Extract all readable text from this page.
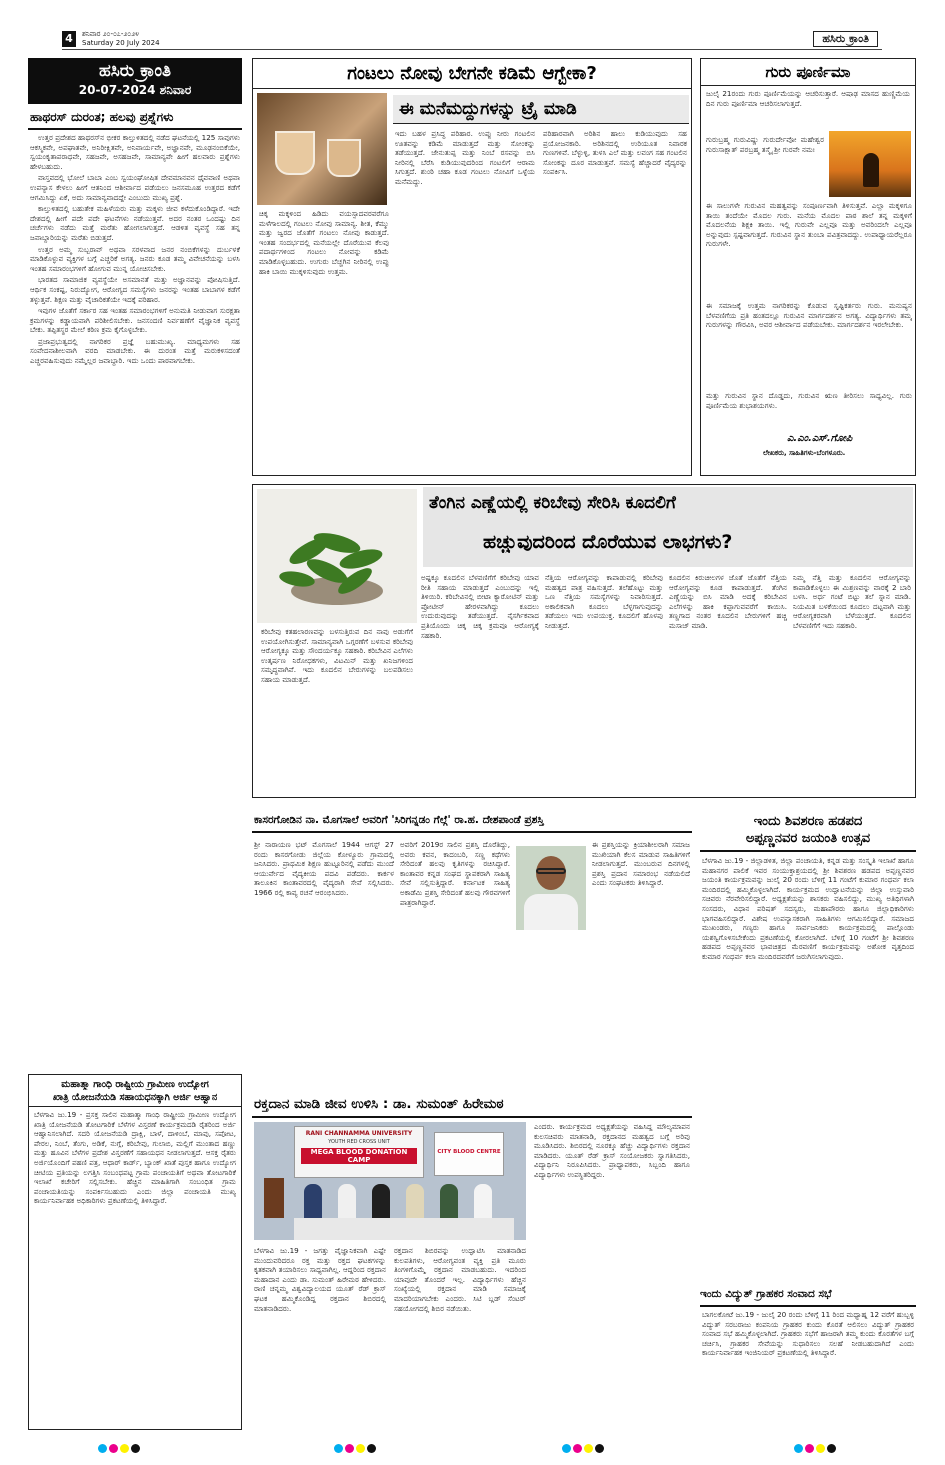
4	ಶನಿವಾರ ೨೦-೦೭-೨೦೨೪
Saturday 20 July 2024	ಹಸಿರು ಕ್ರಾಂತಿ
ಹಸಿರು ಕ್ರಾಂತಿ
20-07-2024 ಶನಿವಾರ
ಹಾಥರಸ್ ದುರಂತ; ಹಲವು ಪ್ರಶ್ನೆಗಳು

ಉತ್ತರ ಪ್ರದೇಶದ ಹಾಥರಸ್‌ನ ಭೀಕರ ಕಾಲ್ತುಳಿತದಲ್ಲಿ ನಡೆದ ಘಟನೆಯಲ್ಲಿ 125 ಸಾವುಗಳು ಆಕಸ್ಮಿಕವೇ, ಅಪಘಾತವೇ, ಅನಿರೀಕ್ಷಿತವೇ, ಅನಿವಾರ್ಯವೇ, ಅಜ್ಞಾನವೇ, ಮೂಢನಂಬಿಕೆಯೇ, ಸ್ವಯಂಕೃತಾಪರಾಧವೇ, ಸಹಜವೇ, ಅಸಹಜವೇ, ಸಾಮಾನ್ಯವೇ ಹೀಗೆ ಹಲವಾರು ಪ್ರಶ್ನೆಗಳು ಹೇಳಬಹುದು.

ವಾಸ್ತವದಲ್ಲಿ ಭೋಲೆ ಬಾಬಾ ಎಂಬ ಸ್ವಯಂಘೋಷಿತ ದೇವಮಾನವನ ಧೈವವಾಣಿ ಅಥವಾ ಉಪನ್ಯಾಸ ಕೇಳಲು ಹೀಗೆ ಆತನಿಂದ ಆಶೀರ್ವಾದ ಪಡೆಯಲು ಜನಸಮೂಹ ಉತ್ತರದ ಕಡೆಗೆ ಆಗಮಿಸಿದ್ದು ಏಕೆ, ಅದು ಸಾಮಾನ್ಯವಾದದ್ದೇ ಎಂಬುದು ಮುಖ್ಯ ಪ್ರಶ್ನೆ.

ಕಾಲ್ತುಳಿತದಲ್ಲಿ ಬಹುತೇಕ ಮಹಿಳೆಯರು ಮತ್ತು ಮಕ್ಕಳು ಜೀವ ಕಳೆದುಕೊಂಡಿದ್ದಾರೆ. ಇದೇ ದೇಶದಲ್ಲಿ ಹೀಗೆ ಪದೇ ಪದೇ ಘಟನೆಗಳು ನಡೆಯುತ್ತವೆ. ಅದರ ನಂತರ ಒಂದಷ್ಟು ದಿನ ಚರ್ಚೆಗಳು ನಡೆದು ಮತ್ತೆ ಮರೆತು ಹೋಗಲಾಗುತ್ತದೆ. ಆಡಳಿತ ವ್ಯವಸ್ಥೆ ಸಹ ತನ್ನ ಜವಾಬ್ದಾರಿಯನ್ನು ಮರೆತು ಬಿಡುತ್ತದೆ.

ಉತ್ತರ ಅಮ್ಮ ಸುಬ್ಬರಾವ್ ಅಥವಾ ಸರಳವಾದ ಜನರ ನಂಬಿಕೆಗಳನ್ನು ದುರ್ಬಳಕೆ ಮಾಡಿಕೊಳ್ಳುವ ವ್ಯಕ್ತಿಗಳ ಬಗ್ಗೆ ಎಚ್ಚರಿಕೆ ಅಗತ್ಯ. ಜನರು ಕೂಡ ತಮ್ಮ ವಿವೇಚನೆಯನ್ನು ಬಳಸಿ ಇಂತಹ ಸಮಾರಂಭಗಳಿಗೆ ಹೋಗುವ ಮುನ್ನ ಯೋಚಿಸಬೇಕು.

ಭಾರತದ ಸಾಮಾಜಿಕ ವ್ಯವಸ್ಥೆಯೇ ಅಸಮಾನತೆ ಮತ್ತು ಅಜ್ಞಾನವನ್ನು ಪೋಷಿಸುತ್ತಿದೆ. ಆರ್ಥಿಕ ಸಂಕಷ್ಟ, ನಿರುದ್ಯೋಗ, ಆರೋಗ್ಯದ ಸಮಸ್ಯೆಗಳು ಜನರನ್ನು ಇಂತಹ ಬಾಬಾಗಳ ಕಡೆಗೆ ತಳ್ಳುತ್ತವೆ. ಶಿಕ್ಷಣ ಮತ್ತು ವೈಚಾರಿಕತೆಯೇ ಇದಕ್ಕೆ ಪರಿಹಾರ.

ಇವುಗಳ ಜೊತೆಗೆ ಸರ್ಕಾರ ಸಹ ಇಂತಹ ಸಮಾರಂಭಗಳಿಗೆ ಅನುಮತಿ ನೀಡುವಾಗ ಸುರಕ್ಷತಾ ಕ್ರಮಗಳನ್ನು ಕಡ್ಡಾಯವಾಗಿ ಪರಿಶೀಲಿಸಬೇಕು. ಜನಸಂದಣಿ ನಿರ್ವಹಣೆಗೆ ವೈಜ್ಞಾನಿಕ ವ್ಯವಸ್ಥೆ ಬೇಕು. ತಪ್ಪಿತಸ್ಥರ ಮೇಲೆ ಕಠಿಣ ಕ್ರಮ ಕೈಗೊಳ್ಳಬೇಕು.

ಪ್ರಜಾಪ್ರಭುತ್ವದಲ್ಲಿ ನಾಗರಿಕರ ಪ್ರಜ್ಞೆ ಬಹುಮುಖ್ಯ. ಮಾಧ್ಯಮಗಳು ಸಹ ಸಂವೇದನಾಶೀಲವಾಗಿ ವರದಿ ಮಾಡಬೇಕು. ಈ ದುರಂತ ಮತ್ತೆ ಮರುಕಳಿಸದಂತೆ ಎಚ್ಚರವಹಿಸುವುದು ನಮ್ಮೆಲ್ಲರ ಜವಾಬ್ದಾರಿ. ಇದು ಒಂದು ಪಾಠವಾಗಬೇಕು.

ಗಂಟಲು ನೋವು ಬೇಗನೇ ಕಡಿಮೆ ಆಗ್ಬೇಕಾ?
ಈ ಮನೆಮದ್ದುಗಳನ್ನು ಟ್ರೈ ಮಾಡಿ
ಚಿಕ್ಕ ಮಕ್ಕಳಿಂದ ಹಿಡಿದು ವಯಸ್ಸಾದವರವರೆಗೂ ಮಳೆಗಾಲದಲ್ಲಿ ಗಂಟಲು ನೋವು ಸಾಮಾನ್ಯ. ಶೀತ, ಕೆಮ್ಮು ಮತ್ತು ಜ್ವರದ ಜೊತೆಗೆ ಗಂಟಲು ನೋವು ಕಾಡುತ್ತದೆ. ಇಂತಹ ಸಂದರ್ಭದಲ್ಲಿ ಮನೆಯಲ್ಲೇ ದೊರೆಯುವ ಕೆಲವು ಪದಾರ್ಥಗಳಿಂದ ಗಂಟಲು ನೋವನ್ನು ಕಡಿಮೆ ಮಾಡಿಕೊಳ್ಳಬಹುದು. ಉಗುರು ಬೆಚ್ಚಗಿನ ನೀರಿನಲ್ಲಿ ಉಪ್ಪು ಹಾಕಿ ಬಾಯಿ ಮುಕ್ಕಳಿಸುವುದು ಉತ್ತಮ.
ಇದು ಬಹಳ ಪ್ರಸಿದ್ಧ ಪರಿಹಾರ. ಉಪ್ಪು ನೀರು ಗಂಟಲಿನ ಊತವನ್ನು ಕಡಿಮೆ ಮಾಡುತ್ತದೆ ಮತ್ತು ಸೋಂಕನ್ನು ತಡೆಯುತ್ತದೆ. ಜೇನುತುಪ್ಪ ಮತ್ತು ನಿಂಬೆ ರಸವನ್ನು ಬಿಸಿ ನೀರಿನಲ್ಲಿ ಬೆರೆಸಿ ಕುಡಿಯುವುದರಿಂದ ಗಂಟಲಿಗೆ ಆರಾಮ ಸಿಗುತ್ತದೆ. ಶುಂಠಿ ಚಹಾ ಕೂಡ ಗಂಟಲು ನೋವಿಗೆ ಒಳ್ಳೆಯ ಮನೆಮದ್ದು.
ಪರಿಹಾರವಾಗಿ ಅರಿಶಿನ ಹಾಲು ಕುಡಿಯುವುದು ಸಹ ಪ್ರಯೋಜನಕಾರಿ. ಅರಿಶಿನದಲ್ಲಿ ಉರಿಯೂತ ನಿವಾರಕ ಗುಣಗಳಿವೆ. ಬೆಳ್ಳುಳ್ಳಿ, ತುಳಸಿ ಎಲೆ ಮತ್ತು ಲವಂಗ ಸಹ ಗಂಟಲಿನ ಸೋಂಕನ್ನು ದೂರ ಮಾಡುತ್ತವೆ. ಸಮಸ್ಯೆ ಹೆಚ್ಚಾದರೆ ವೈದ್ಯರನ್ನು ಸಂಪರ್ಕಿಸಿ.
ಗುರು ಪೂರ್ಣಿಮಾ
ಜುಲೈ 21ರಂದು ಗುರು ಪೂರ್ಣಿಮೆಯನ್ನು ಆಚರಿಸುತ್ತಾರೆ. ಆಷಾಢ ಮಾಸದ ಹುಣ್ಣಿಮೆಯ ದಿನ ಗುರು ಪೂರ್ಣಿಮಾ ಆಚರಿಸಲಾಗುತ್ತದೆ.
ಗುರುಬ್ರಹ್ಮ ಗುರುವಿಷ್ಣು ಗುರುರ್ದೇವೋ ಮಹೇಶ್ವರ ಗುರುಸಾಕ್ಷಾತ್ ಪರಬ್ರಹ್ಮ ತಸ್ಮೈ ಶ್ರೀ ಗುರವೇ ನಮಃ
ಈ ಸಾಲುಗಳೇ ಗುರುವಿನ ಮಹತ್ವವನ್ನು ಸಂಪೂರ್ಣವಾಗಿ ತಿಳಿಸುತ್ತವೆ. ಎಲ್ಲಾ ಮಕ್ಕಳಿಗೂ ತಾಯಿ ತಂದೆಯೇ ಮೊದಲ ಗುರು. ಮನೆಯ ಮೊದಲ ಪಾಠ ಶಾಲೆ ತನ್ನ ಮಕ್ಕಳಿಗೆ ಮೊದಲನೆಯ ಶಿಕ್ಷಕಿ ತಾಯಿ. ಇಲ್ಲಿ ಗುರುವೇ ಎಲ್ಲವೂ ಮತ್ತು ಅವರಿಂದಲೇ ಎಲ್ಲವೂ ಅನ್ನುವುದು ಸ್ಪಷ್ಟವಾಗುತ್ತದೆ. ಗುರುವಿನ ಸ್ಥಾನ ತುಂಬಾ ಪವಿತ್ರವಾದದ್ದು. ಉಪಾಧ್ಯಾಯರೆಲ್ಲರೂ ಗುರುಗಳೇ.
ಈ ಸಮಾಜಕ್ಕೆ ಉತ್ತಮ ನಾಗರಿಕರನ್ನು ಕೊಡುವ ಸೃಷ್ಟಿಕರ್ತರು ಗುರು. ಮನುಷ್ಯನ ಬೆಳವಣಿಗೆಯ ಪ್ರತಿ ಹಂತದಲ್ಲೂ ಗುರುವಿನ ಮಾರ್ಗದರ್ಶನ ಅಗತ್ಯ. ವಿದ್ಯಾರ್ಥಿಗಳು ತಮ್ಮ ಗುರುಗಳನ್ನು ಗೌರವಿಸಿ, ಅವರ ಆಶೀರ್ವಾದ ಪಡೆಯಬೇಕು. ಮಾರ್ಗದರ್ಶನ ಇರಲೇಬೇಕು.
ಮತ್ತು ಗುರುವಿನ ಸ್ಥಾನ ದೊಡ್ಡದು, ಗುರುವಿನ ಋಣ ತೀರಿಸಲು ಸಾಧ್ಯವಿಲ್ಲ. ಗುರು ಪೂರ್ಣಿಮೆಯ ಶುಭಾಶಯಗಳು.
ಎ.ಎಂ.ಎಸ್.ಗೋಪಿ
ಲೇಖಕರು, ಸಾಹಿತಿಗಳು-ಬೆಂಗಳೂರು.
ತೆಂಗಿನ ಎಣ್ಣೆಯಲ್ಲಿ ಕರಿಬೇವು ಸೇರಿಸಿ ಕೂದಲಿಗೆ
ಹಚ್ಚುವುದರಿಂದ ದೊರೆಯುವ ಲಾಭಗಳು?
ಕರಿಬೇವು ಕತಹಲಾರಣವನ್ನು ಬಳಸುತ್ತಿರುವ ದಿನ ನಾವು ಅಡುಗೆಗೆ ಉಪಯೋಗಿಸುತ್ತೇವೆ. ಸಾಮಾನ್ಯವಾಗಿ ಒಗ್ಗರಣೆಗೆ ಬಳಸುವ ಕರಿಬೇವು ಆರೋಗ್ಯಕ್ಕೂ ಮತ್ತು ಸೌಂದರ್ಯಕ್ಕೂ ಸಹಕಾರಿ. ಕರಿಬೇವಿನ ಎಲೆಗಳು ಉತ್ಕರ್ಷಣ ನಿರೋಧಕಗಳು, ವಿಟಮಿನ್ ಮತ್ತು ಖನಿಜಗಳಿಂದ ಸಮೃದ್ಧವಾಗಿವೆ. ಇದು ಕೂದಲಿನ ಬೇರುಗಳನ್ನು ಬಲಪಡಿಸಲು ಸಹಾಯ ಮಾಡುತ್ತದೆ.
ಅಷ್ಟಕ್ಕೂ ಕೂದಲಿನ ಬೆಳವಣಿಗೆಗೆ ಕರಿಬೇವು ಯಾವ ರೀತಿ ಸಹಾಯ ಮಾಡುತ್ತದೆ ಎಂಬುದನ್ನು ಇಲ್ಲಿ ತಿಳಿಯಿರಿ. ಕರಿಬೇವಿನಲ್ಲಿ ಬೀಟಾ ಕ್ಯಾರೋಟಿನ್ ಮತ್ತು ಪ್ರೋಟೀನ್ ಹೇರಳವಾಗಿದ್ದು ಕೂದಲು ಉದುರುವುದನ್ನು ತಡೆಯುತ್ತದೆ. ನೈಸರ್ಗಿಕವಾದ ಪ್ರತಿಯೊಂದು ಚಿಕ್ಕ ಚಿಕ್ಕ ಕ್ರಮವೂ ಆರೋಗ್ಯಕ್ಕೆ ಸಹಕಾರಿ.
ನೆತ್ತಿಯ ಆರೋಗ್ಯವನ್ನು ಕಾಪಾಡುವಲ್ಲಿ ಕರಿಬೇವು ಮಹತ್ವದ ಪಾತ್ರ ವಹಿಸುತ್ತದೆ. ತಲೆಹೊಟ್ಟು ಮತ್ತು ಒಣ ನೆತ್ತಿಯ ಸಮಸ್ಯೆಗಳನ್ನು ನಿವಾರಿಸುತ್ತದೆ. ಅಕಾಲಿಕವಾಗಿ ಕೂದಲು ಬೆಳ್ಳಗಾಗುವುದನ್ನು ತಡೆಯಲು ಇದು ಉಪಯುಕ್ತ. ಕೂದಲಿಗೆ ಹೊಳಪು ನೀಡುತ್ತದೆ.
ಕೂದಲಿನ ಕಿರುಚೀಲಗಳ ಜೊತೆ ಜೊತೆಗೆ ನೆತ್ತಿಯ ಆರೋಗ್ಯವನ್ನು ಕೂಡ ಕಾಪಾಡುತ್ತದೆ. ತೆಂಗಿನ ಎಣ್ಣೆಯನ್ನು ಬಿಸಿ ಮಾಡಿ ಅದಕ್ಕೆ ಕರಿಬೇವಿನ ಎಲೆಗಳನ್ನು ಹಾಕಿ ಕಪ್ಪಾಗುವವರೆಗೆ ಕಾಯಿಸಿ. ತಣ್ಣಗಾದ ನಂತರ ಕೂದಲಿನ ಬೇರುಗಳಿಗೆ ಹಚ್ಚಿ ಮಸಾಜ್ ಮಾಡಿ.
ನಿಮ್ಮ ನೆತ್ತಿ ಮತ್ತು ಕೂದಲಿನ ಆರೋಗ್ಯವನ್ನು ಕಾಪಾಡಿಕೊಳ್ಳಲು ಈ ಮಿಶ್ರಣವನ್ನು ವಾರಕ್ಕೆ 2 ಬಾರಿ ಬಳಸಿ. ಅರ್ಧ ಗಂಟೆ ಬಿಟ್ಟು ತಲೆ ಸ್ನಾನ ಮಾಡಿ. ನಿಯಮಿತ ಬಳಕೆಯಿಂದ ಕೂದಲು ದಟ್ಟವಾಗಿ ಮತ್ತು ಆರೋಗ್ಯಕರವಾಗಿ ಬೆಳೆಯುತ್ತದೆ. ಕೂದಲಿನ ಬೆಳವಣಿಗೆಗೆ ಇದು ಸಹಕಾರಿ.
ಕಾಸರಗೋಡಿನ ನಾ. ಮೊಗಸಾಲೆ ಅವರಿಗೆ 'ಸಿರಿಗನ್ನಡಂ ಗೆಲ್ಗೆ' ರಾ.ಹ. ದೇಶಪಾಂಡೆ ಪ್ರಶಸ್ತಿ
ಶ್ರೀ ನಾರಾಯಣ ಭಟ್ ಮೊಗಸಾಲೆ 1944 ಆಗಸ್ಟ್ 27 ರಂದು ಕಾಸರಗೋಡು ಜಿಲ್ಲೆಯ ಕೋಳ್ಯೂರು ಗ್ರಾಮದಲ್ಲಿ ಜನಿಸಿದರು. ಪ್ರಾಥಮಿಕ ಶಿಕ್ಷಣ ಹುಟ್ಟೂರಿನಲ್ಲಿ ಪಡೆದು ಮುಂದೆ ಆಯುರ್ವೇದ ವೈದ್ಯಕೀಯ ಪದವಿ ಪಡೆದರು. ಕಾರ್ಕಳ ತಾಲೂಕಿನ ಕಾಂತಾವರದಲ್ಲಿ ವೈದ್ಯರಾಗಿ ಸೇವೆ ಸಲ್ಲಿಸಿದರು. 1966 ರಲ್ಲಿ ಕಾವ್ಯ ರಚನೆ ಆರಂಭಿಸಿದರು.
ಅವರಿಗೆ 2019ರ ಸಾಲಿನ ಪ್ರಶಸ್ತಿ ದೊರೆತಿದ್ದು, ಅವರು ಕವನ, ಕಾದಂಬರಿ, ಸಣ್ಣ ಕಥೆಗಳು ಸೇರಿದಂತೆ ಹಲವು ಕೃತಿಗಳನ್ನು ರಚಿಸಿದ್ದಾರೆ. ಕಾಂತಾವರ ಕನ್ನಡ ಸಂಘದ ಸ್ಥಾಪಕರಾಗಿ ಸಾಹಿತ್ಯ ಸೇವೆ ಸಲ್ಲಿಸುತ್ತಿದ್ದಾರೆ. ಕರ್ನಾಟಕ ಸಾಹಿತ್ಯ ಅಕಾಡೆಮಿ ಪ್ರಶಸ್ತಿ ಸೇರಿದಂತೆ ಹಲವು ಗೌರವಗಳಿಗೆ ಪಾತ್ರರಾಗಿದ್ದಾರೆ.
ಈ ಪ್ರಶಸ್ತಿಯನ್ನು ಕ್ರಿಯಾಶೀಲರಾಗಿ ಸಮಾಜ ಮುಖಿಯಾಗಿ ಕೆಲಸ ಮಾಡುವ ಸಾಹಿತಿಗಳಿಗೆ ನೀಡಲಾಗುತ್ತದೆ. ಮುಂಬರುವ ದಿನಗಳಲ್ಲಿ ಪ್ರಶಸ್ತಿ ಪ್ರದಾನ ಸಮಾರಂಭ ನಡೆಯಲಿದೆ ಎಂದು ಸಂಘಟಕರು ತಿಳಿಸಿದ್ದಾರೆ.
ಇಂದು ಶಿವಶರಣ ಹಡಪದ
ಅಪ್ಪಣ್ಣನವರ ಜಯಂತಿ ಉತ್ಸವ
ಬೆಳಗಾವಿ ಜು.19 - ಜಿಲ್ಲಾಡಳಿತ, ಜಿಲ್ಲಾ ಪಂಚಾಯತಿ, ಕನ್ನಡ ಮತ್ತು ಸಂಸ್ಕೃತಿ ಇಲಾಖೆ ಹಾಗೂ ಮಹಾನಗರ ಪಾಲಿಕೆ ಇವರ ಸಂಯುಕ್ತಾಶ್ರಯದಲ್ಲಿ ಶ್ರೀ ಶಿವಶರಣ ಹಡಪದ ಅಪ್ಪಣ್ಣನವರ ಜಯಂತಿ ಕಾರ್ಯಕ್ರಮವನ್ನು ಜುಲೈ 20 ರಂದು ಬೆಳಿಗ್ಗೆ 11 ಗಂಟೆಗೆ ಕುಮಾರ ಗಂಧರ್ವ ಕಲಾ ಮಂದಿರದಲ್ಲಿ ಹಮ್ಮಿಕೊಳ್ಳಲಾಗಿದೆ. ಕಾರ್ಯಕ್ರಮದ ಉದ್ಘಾಟನೆಯನ್ನು ಜಿಲ್ಲಾ ಉಸ್ತುವಾರಿ ಸಚಿವರು ನೆರವೇರಿಸಲಿದ್ದಾರೆ. ಅಧ್ಯಕ್ಷತೆಯನ್ನು ಶಾಸಕರು ವಹಿಸಲಿದ್ದು, ಮುಖ್ಯ ಅತಿಥಿಗಳಾಗಿ ಸಂಸದರು, ವಿಧಾನ ಪರಿಷತ್ ಸದಸ್ಯರು, ಮಹಾಪೌರರು ಹಾಗೂ ಜಿಲ್ಲಾಧಿಕಾರಿಗಳು ಭಾಗವಹಿಸಲಿದ್ದಾರೆ. ವಿಶೇಷ ಉಪನ್ಯಾಸಕರಾಗಿ ಸಾಹಿತಿಗಳು ಆಗಮಿಸಲಿದ್ದಾರೆ. ಸಮಾಜದ ಮುಖಂಡರು, ಗಣ್ಯರು ಹಾಗೂ ಸಾರ್ವಜನಿಕರು ಕಾರ್ಯಕ್ರಮದಲ್ಲಿ ಪಾಲ್ಗೊಂಡು ಯಶಸ್ವಿಗೊಳಿಸಬೇಕೆಂದು ಪ್ರಕಟಣೆಯಲ್ಲಿ ಕೋರಲಾಗಿದೆ. ಬೆಳಿಗ್ಗೆ 10 ಗಂಟೆಗೆ ಶ್ರೀ ಶಿವಶರಣ ಹಡಪದ ಅಪ್ಪಣ್ಣನವರ ಭಾವಚಿತ್ರದ ಮೆರವಣಿಗೆ ಕಾರ್ಯಕ್ರಮವನ್ನು ಅಶೋಕ ವೃತ್ತದಿಂದ ಕುಮಾರ ಗಂಧರ್ವ ಕಲಾ ಮಂದಿರದವರೆಗೆ ಜರುಗಿಸಲಾಗುವುದು.
ಇಂದು ವಿದ್ಯುತ್ ಗ್ರಾಹಕರ ಸಂವಾದ ಸಭೆ
ಬಾಗಲಕೋಟೆ ಜು.19 - ಜುಲೈ 20 ರಂದು ಬೆಳಿಗ್ಗೆ 11 ರಿಂದ ಮಧ್ಯಾಹ್ನ 12 ವರೆಗೆ ಹುಬ್ಬಳ್ಳಿ ವಿದ್ಯುತ್ ಸರಬರಾಜು ಕಂಪನಿಯ ಗ್ರಾಹಕರ ಕುಂದು ಕೊರತೆ ಆಲಿಸಲು ವಿದ್ಯುತ್ ಗ್ರಾಹಕರ ಸಂವಾದ ಸಭೆ ಹಮ್ಮಿಕೊಳ್ಳಲಾಗಿದೆ. ಗ್ರಾಹಕರು ಸಭೆಗೆ ಹಾಜರಾಗಿ ತಮ್ಮ ಕುಂದು ಕೊರತೆಗಳ ಬಗ್ಗೆ ಚರ್ಚಿಸಿ, ಗ್ರಾಹಕರ ಸೇವೆಯನ್ನು ಸುಧಾರಿಸಲು ಸಲಹೆ ನೀಡಬಹುದಾಗಿದೆ ಎಂದು ಕಾರ್ಯನಿರ್ವಾಹಕ ಇಂಜಿನಿಯರ್ ಪ್ರಕಟಣೆಯಲ್ಲಿ ತಿಳಿಸಿದ್ದಾರೆ.
ಮಹಾತ್ಮಾ ಗಾಂಧಿ ರಾಷ್ಟ್ರೀಯ ಗ್ರಾಮೀಣ ಉದ್ಯೋಗ
ಖಾತ್ರಿ ಯೋಜನೆಯಡಿ ಸಹಾಯಧನಕ್ಕಾಗಿ ಅರ್ಜಿ ಆಹ್ವಾನ
ಬೆಳಗಾವಿ ಜು.19 - ಪ್ರಸಕ್ತ ಸಾಲಿನ ಮಹಾತ್ಮಾ ಗಾಂಧಿ ರಾಷ್ಟ್ರೀಯ ಗ್ರಾಮೀಣ ಉದ್ಯೋಗ ಖಾತ್ರಿ ಯೋಜನೆಯಡಿ ತೋಟಗಾರಿಕೆ ಬೆಳೆಗಳ ವಿಸ್ತರಣೆ ಕಾರ್ಯಕ್ರಮದಡಿ ರೈತರಿಂದ ಅರ್ಜಿ ಆಹ್ವಾನಿಸಲಾಗಿದೆ. ಸದರಿ ಯೋಜನೆಯಡಿ ದ್ರಾಕ್ಷಿ, ಬಾಳೆ, ದಾಳಿಂಬೆ, ಮಾವು, ಸಪೋಟ, ಪೇರಲ, ನಿಂಬೆ, ತೆಂಗು, ಅಡಿಕೆ, ನುಗ್ಗೆ, ಕರಿಬೇವು, ಗುಲಾಬಿ, ಮಲ್ಲಿಗೆ ಮುಂತಾದ ಹಣ್ಣು ಮತ್ತು ಹೂವಿನ ಬೆಳೆಗಳ ಪ್ರದೇಶ ವಿಸ್ತರಣೆಗೆ ಸಹಾಯಧನ ನೀಡಲಾಗುತ್ತದೆ. ಆಸಕ್ತ ರೈತರು ಅರ್ಜಿಯೊಂದಿಗೆ ಪಹಣಿ ಪತ್ರ, ಆಧಾರ್ ಕಾರ್ಡ್, ಬ್ಯಾಂಕ್ ಖಾತೆ ಪುಸ್ತಕ ಹಾಗೂ ಉದ್ಯೋಗ ಚೀಟಿಯ ಪ್ರತಿಯನ್ನು ಲಗತ್ತಿಸಿ ಸಂಬಂಧಪಟ್ಟ ಗ್ರಾಮ ಪಂಚಾಯತಿಗೆ ಅಥವಾ ತೋಟಗಾರಿಕೆ ಇಲಾಖೆ ಕಚೇರಿಗೆ ಸಲ್ಲಿಸಬೇಕು. ಹೆಚ್ಚಿನ ಮಾಹಿತಿಗಾಗಿ ಸಂಬಂಧಿತ ಗ್ರಾಮ ಪಂಚಾಯತಿಯನ್ನು ಸಂಪರ್ಕಿಸಬಹುದು ಎಂದು ಜಿಲ್ಲಾ ಪಂಚಾಯತಿ ಮುಖ್ಯ ಕಾರ್ಯನಿರ್ವಾಹಕ ಅಧಿಕಾರಿಗಳು ಪ್ರಕಟಣೆಯಲ್ಲಿ ತಿಳಿಸಿದ್ದಾರೆ.
ರಕ್ತದಾನ ಮಾಡಿ ಜೀವ ಉಳಿಸಿ : ಡಾ. ಸುಮಂತ್ ಹಿರೇಮಠ
RANI CHANNAMMA UNIVERSITY
YOUTH RED CROSS UNIT
MEGA BLOOD DONATION CAMP
CITY BLOOD CENTRE
ಎಂದರು. ಕಾರ್ಯಕ್ರಮದ ಅಧ್ಯಕ್ಷತೆಯನ್ನು ವಹಿಸಿದ್ದ ಮೌಲ್ಯಮಾಪನ ಕುಲಸಚಿವರು ಮಾತನಾಡಿ, ರಕ್ತದಾನದ ಮಹತ್ವದ ಬಗ್ಗೆ ಅರಿವು ಮೂಡಿಸಿದರು. ಶಿಬಿರದಲ್ಲಿ ನೂರಕ್ಕೂ ಹೆಚ್ಚು ವಿದ್ಯಾರ್ಥಿಗಳು ರಕ್ತದಾನ ಮಾಡಿದರು. ಯೂತ್ ರೆಡ್ ಕ್ರಾಸ್ ಸಂಯೋಜಕರು ಸ್ವಾಗತಿಸಿದರು, ವಿದ್ಯಾರ್ಥಿನಿ ನಿರೂಪಿಸಿದರು. ಪ್ರಾಧ್ಯಾಪಕರು, ಸಿಬ್ಬಂದಿ ಹಾಗೂ ವಿದ್ಯಾರ್ಥಿಗಳು ಉಪಸ್ಥಿತರಿದ್ದರು.
ಬೆಳಗಾವಿ ಜು.19 - ಜಗತ್ತು ವೈಜ್ಞಾನಿಕವಾಗಿ ಎಷ್ಟೇ ಮುಂದುವರಿದರೂ ರಕ್ತ ಮತ್ತು ರಕ್ತದ ಘಟಕಗಳನ್ನು ಕೃತಕವಾಗಿ ತಯಾರಿಸಲು ಸಾಧ್ಯವಾಗಿಲ್ಲ. ಆದ್ದರಿಂದ ರಕ್ತದಾನ ಮಹಾದಾನ ಎಂದು ಡಾ. ಸುಮಂತ್ ಹಿರೇಮಠ ಹೇಳಿದರು. ರಾಣಿ ಚನ್ನಮ್ಮ ವಿಶ್ವವಿದ್ಯಾಲಯದ ಯೂತ್ ರೆಡ್ ಕ್ರಾಸ್ ಘಟಕ ಹಮ್ಮಿಕೊಂಡಿದ್ದ ರಕ್ತದಾನ ಶಿಬಿರದಲ್ಲಿ ಮಾತನಾಡಿದರು.
ರಕ್ತದಾನ ಶಿಬಿರವನ್ನು ಉದ್ಘಾಟಿಸಿ ಮಾತನಾಡಿದ ಕುಲಪತಿಗಳು, ಆರೋಗ್ಯವಂತ ವ್ಯಕ್ತಿ ಪ್ರತಿ ಮೂರು ತಿಂಗಳಿಗೊಮ್ಮೆ ರಕ್ತದಾನ ಮಾಡಬಹುದು. ಇದರಿಂದ ಯಾವುದೇ ತೊಂದರೆ ಇಲ್ಲ. ವಿದ್ಯಾರ್ಥಿಗಳು ಹೆಚ್ಚಿನ ಸಂಖ್ಯೆಯಲ್ಲಿ ರಕ್ತದಾನ ಮಾಡಿ ಸಮಾಜಕ್ಕೆ ಮಾದರಿಯಾಗಬೇಕು ಎಂದರು. ಸಿಟಿ ಬ್ಲಡ್ ಸೆಂಟರ್ ಸಹಯೋಗದಲ್ಲಿ ಶಿಬಿರ ನಡೆಯಿತು.
